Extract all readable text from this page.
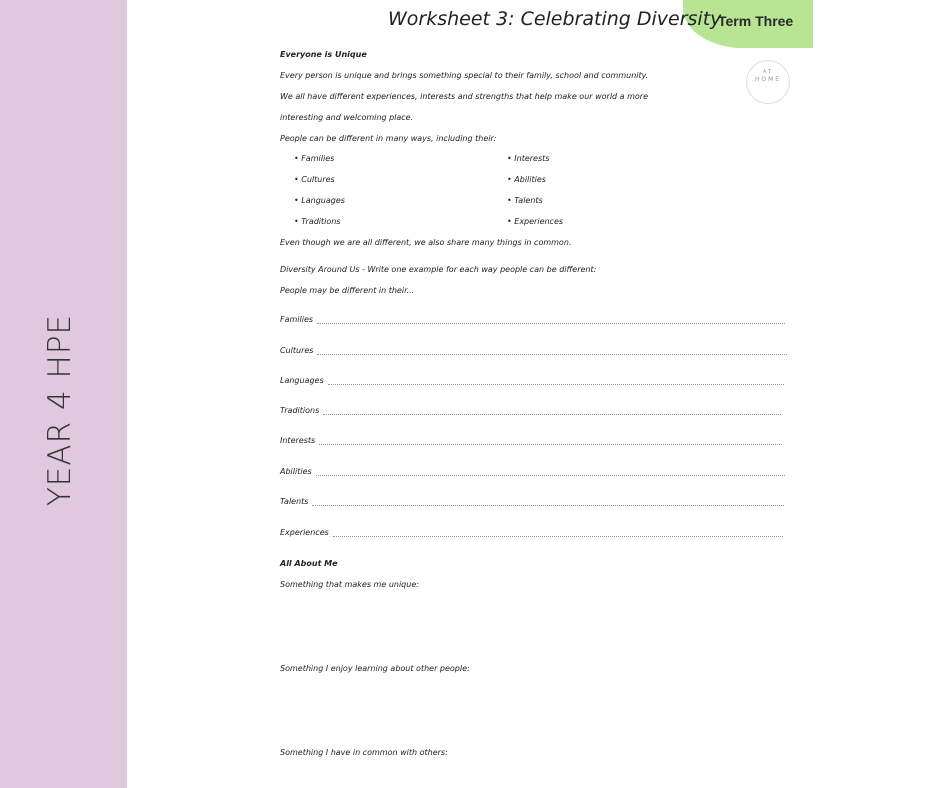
YEAR 4 HPE
Term Three
Worksheet 3: Celebrating Diversity
AT
HOME
Everyone is Unique
Every person is unique and brings something special to their family, school and community.
We all have different experiences, interests and strengths that help make our world a more
interesting and welcoming place.
People can be different in many ways, including their:
• Families
• Cultures
• Languages
• Traditions
• Interests
• Abilities
• Talents
• Experiences
Even though we are all different, we also share many things in common.
Diversity Around Us - Write one example for each way people can be different:
People may be different in their...
Families
Cultures
Languages
Traditions
Interests
Abilities
Talents
Experiences
All About Me
Something that makes me unique:
Something I enjoy learning about other people:
Something I have in common with others:
